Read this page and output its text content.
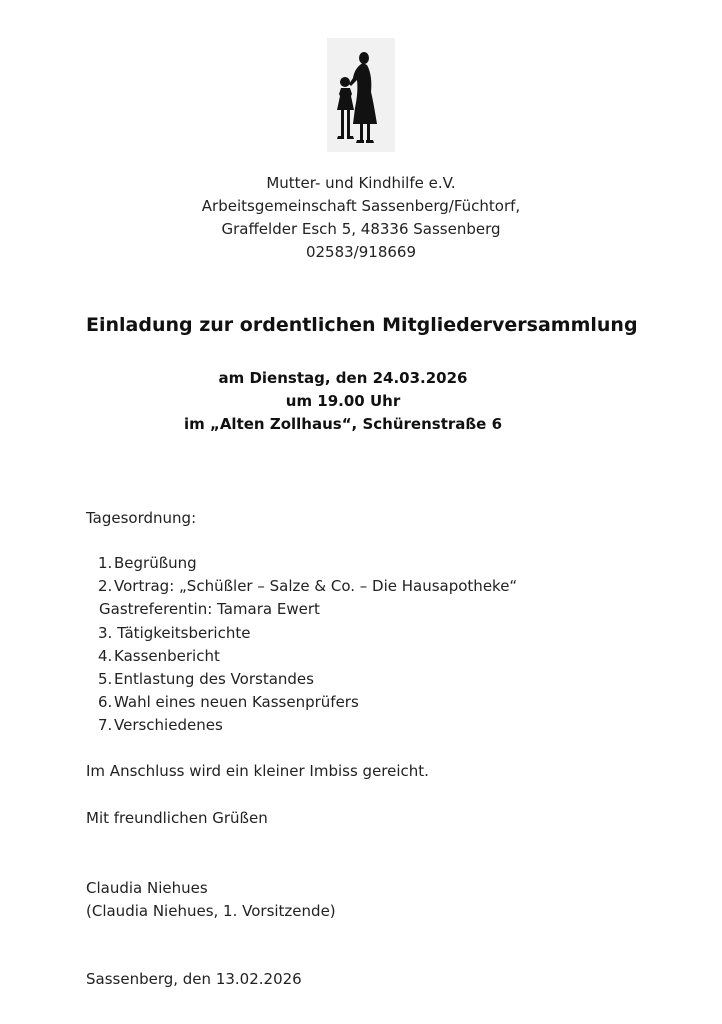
Mutter- und Kindhilfe e.V.
Arbeitsgemeinschaft Sassenberg/Füchtorf,
Graffelder Esch 5, 48336 Sassenberg
02583/918669
Einladung zur ordentlichen Mitgliederversammlung
am Dienstag, den 24.03.2026
um 19.00 Uhr
im „Alten Zollhaus“, Schürenstraße 6
Tagesordnung:
1. Begrüßung
2. Vortrag: „Schüßler – Salze & Co. – Die Hausapotheke“
Gastreferentin: Tamara Ewert
3. Tätigkeitsberichte
4. Kassenbericht
5. Entlastung des Vorstandes
6. Wahl eines neuen Kassenprüfers
7. Verschiedenes
Im Anschluss wird ein kleiner Imbiss gereicht.
Mit freundlichen Grüßen
Claudia Niehues
(Claudia Niehues, 1. Vorsitzende)
Sassenberg, den 13.02.2026
